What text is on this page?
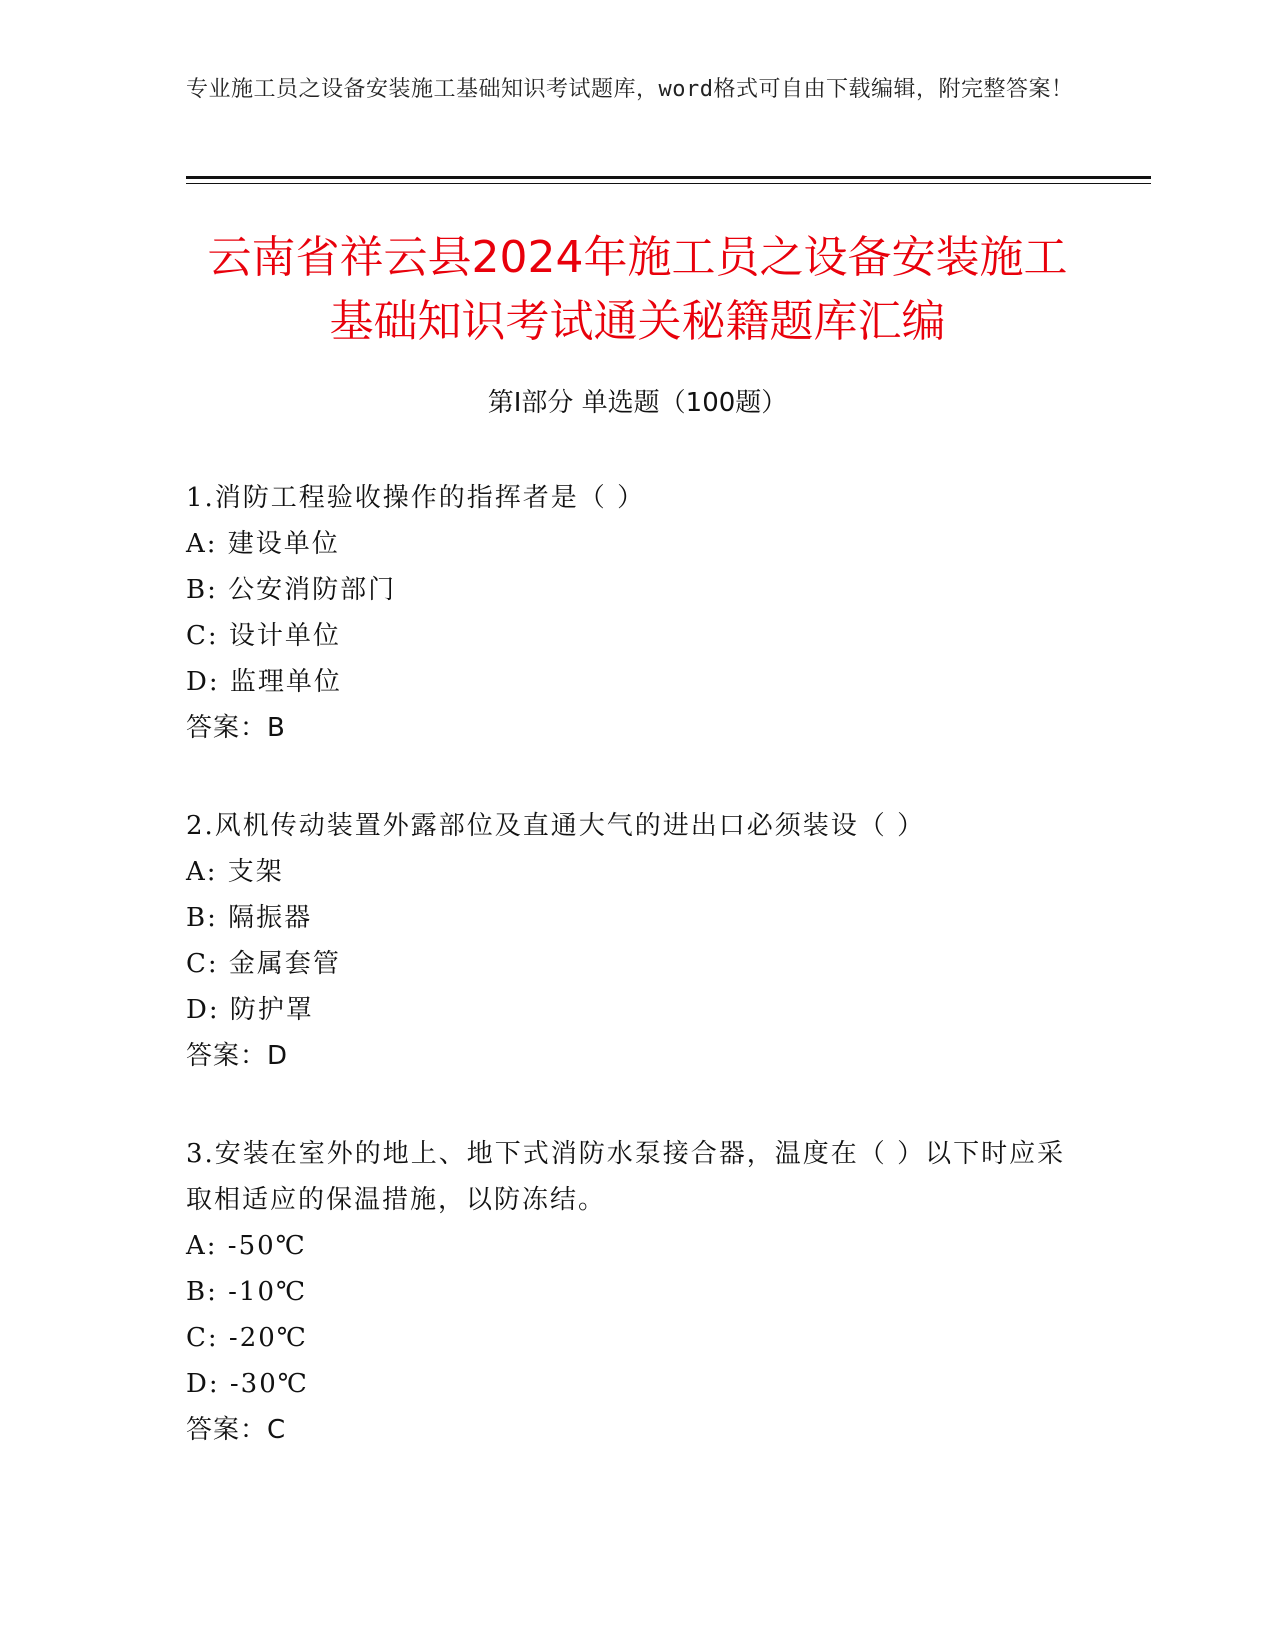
专业施工员之设备安装施工基础知识考试题库，word格式可自由下载编辑，附完整答案！
云南省祥云县2024年施工员之设备安装施工
基础知识考试通关秘籍题库汇编
第Ⅰ部分 单选题（100题）
1.消防工程验收操作的指挥者是（ ）
A: 建设单位
B: 公安消防部门
C: 设计单位
D: 监理单位
答案：B
2.风机传动装置外露部位及直通大气的进出口必须装设（ ）
A: 支架
B: 隔振器
C: 金属套管
D: 防护罩
答案：D
3.安装在室外的地上、地下式消防水泵接合器，温度在（ ）以下时应采取相适应的保温措施，以防冻结。
A: -50℃
B: -10℃
C: -20℃
D: -30℃
答案：C
